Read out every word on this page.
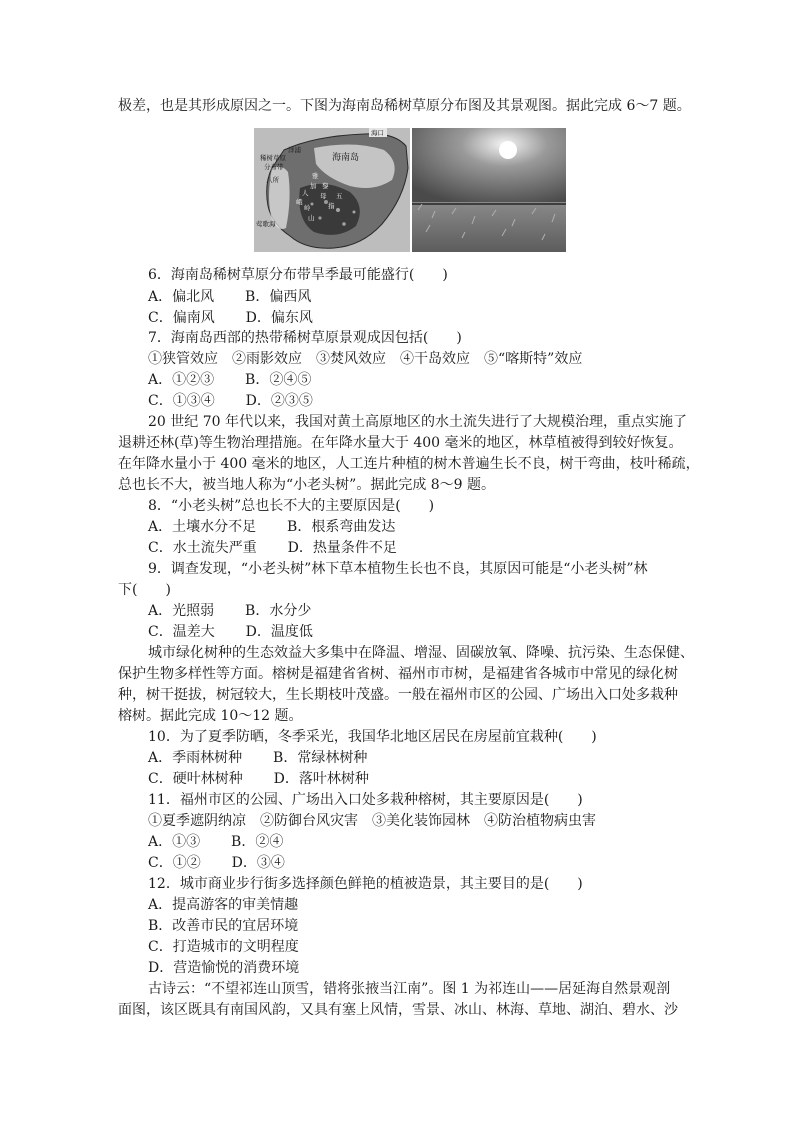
极差，也是其形成原因之一。下图为海南岛稀树草原分布图及其景观图。据此完成 6～7 题。
海口
海南岛
洋浦
稀树草原
分布带
八所	雅
加
人
峨
岭
黎
母 五
指
山
莺歌海
6．海南岛稀树草原分布带旱季最可能盛行(　　)
A．偏北风 B．偏西风
C．偏南风 D．偏东风
7．海南岛西部的热带稀树草原景观成因包括(　　)
①狭管效应　②雨影效应　③焚风效应　④干岛效应　⑤“喀斯特”效应
A．①②③ B．②④⑤
C．①③④ D．②③⑤
20 世纪 70 年代以来，我国对黄土高原地区的水土流失进行了大规模治理，重点实施了
退耕还林(草)等生物治理措施。在年降水量大于 400 毫米的地区，林草植被得到较好恢复。
在年降水量小于 400 毫米的地区，人工连片种植的树木普遍生长不良，树干弯曲，枝叶稀疏，
总也长不大，被当地人称为“小老头树”。据此完成 8～9 题。
8．“小老头树”总也长不大的主要原因是(　　)
A．土壤水分不足 B．根系弯曲发达
C．水土流失严重 D．热量条件不足
9．调查发现，“小老头树”林下草本植物生长也不良，其原因可能是“小老头树”林
下(　　)
A．光照弱 B．水分少
C．温差大 D．温度低
城市绿化树种的生态效益大多集中在降温、增湿、固碳放氧、降噪、抗污染、生态保健、
保护生物多样性等方面。榕树是福建省省树、福州市市树，是福建省各城市中常见的绿化树
种，树干挺拔，树冠较大，生长期枝叶茂盛。一般在福州市区的公园、广场出入口处多栽种
榕树。据此完成 10～12 题。
10．为了夏季防晒，冬季采光，我国华北地区居民在房屋前宜栽种(　　)
A．季雨林树种 B．常绿林树种
C．硬叶林树种 D．落叶林树种
11．福州市区的公园、广场出入口处多栽种榕树，其主要原因是(　　)
①夏季遮阴纳凉　②防御台风灾害　③美化装饰园林　④防治植物病虫害
A．①③ B．②④
C．①② D．③④
12．城市商业步行街多选择颜色鲜艳的植被造景，其主要目的是(　　)
A．提高游客的审美情趣
B．改善市民的宜居环境
C．打造城市的文明程度
D．营造愉悦的消费环境
古诗云：“不望祁连山顶雪，错将张掖当江南”。图 1 为祁连山——居延海自然景观剖
面图，该区既具有南国风韵，又具有塞上风情，雪景、冰山、林海、草地、湖泊、碧水、沙
